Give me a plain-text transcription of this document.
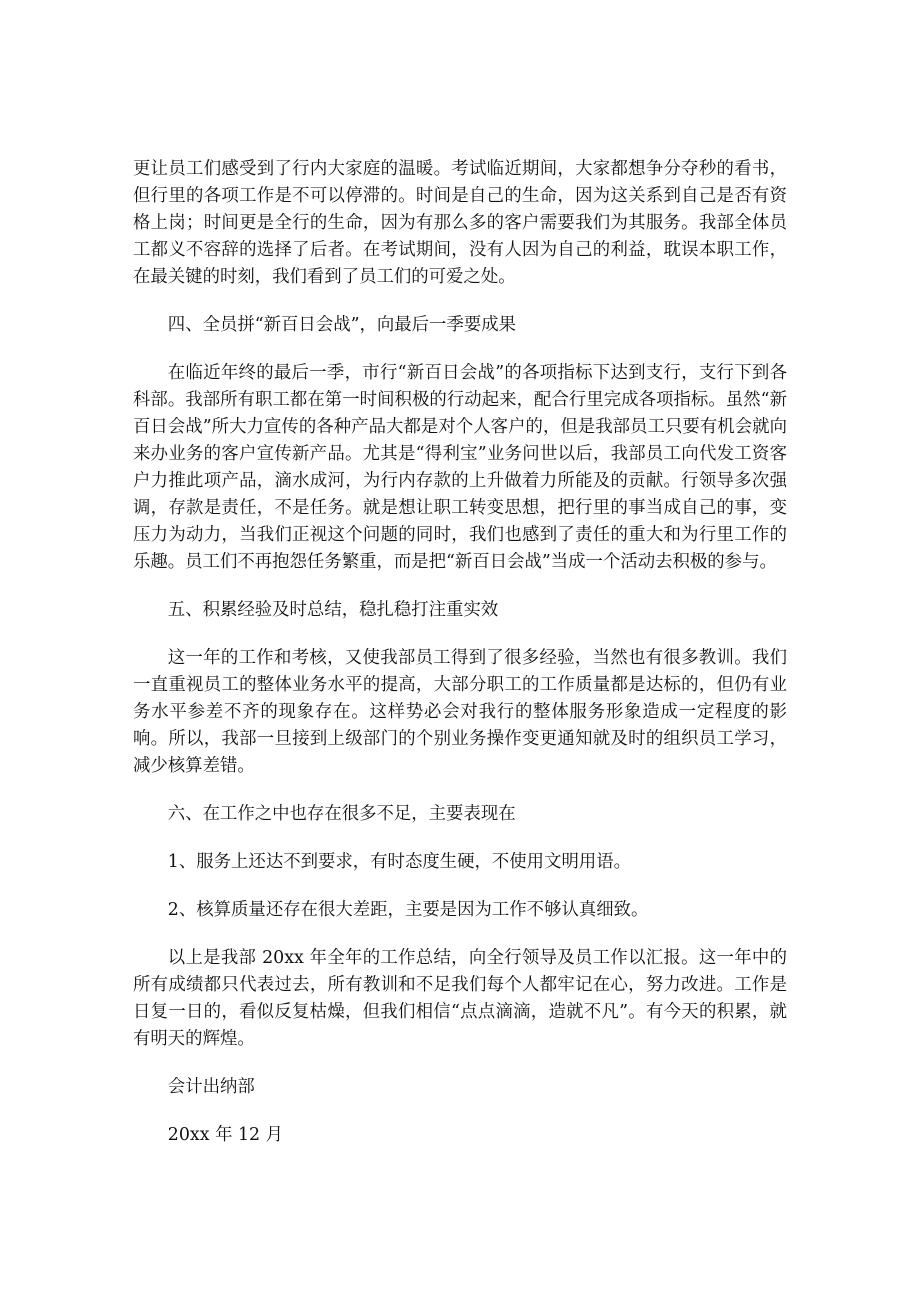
更让员工们感受到了行内大家庭的温暖。考试临近期间，大家都想争分夺秒的看书，但行里的各项工作是不可以停滞的。时间是自己的生命，因为这关系到自己是否有资格上岗；时间更是全行的生命，因为有那么多的客户需要我们为其服务。我部全体员工都义不容辞的选择了后者。在考试期间，没有人因为自己的利益，耽误本职工作，在最关键的时刻，我们看到了员工们的可爱之处。

四、全员拼“新百日会战”，向最后一季要成果

在临近年终的最后一季，市行“新百日会战”的各项指标下达到支行，支行下到各科部。我部所有职工都在第一时间积极的行动起来，配合行里完成各项指标。虽然“新百日会战”所大力宣传的各种产品大都是对个人客户的，但是我部员工只要有机会就向来办业务的客户宣传新产品。尤其是“得利宝”业务问世以后，我部员工向代发工资客户力推此项产品，滴水成河，为行内存款的上升做着力所能及的贡献。行领导多次强调，存款是责任，不是任务。就是想让职工转变思想，把行里的事当成自己的事，变压力为动力，当我们正视这个问题的同时，我们也感到了责任的重大和为行里工作的乐趣。员工们不再抱怨任务繁重，而是把“新百日会战”当成一个活动去积极的参与。

五、积累经验及时总结，稳扎稳打注重实效

这一年的工作和考核，又使我部员工得到了很多经验，当然也有很多教训。我们一直重视员工的整体业务水平的提高，大部分职工的工作质量都是达标的，但仍有业务水平参差不齐的现象存在。这样势必会对我行的整体服务形象造成一定程度的影响。所以，我部一旦接到上级部门的个别业务操作变更通知就及时的组织员工学习，减少核算差错。

六、在工作之中也存在很多不足，主要表现在

1、服务上还达不到要求，有时态度生硬，不使用文明用语。

2、核算质量还存在很大差距，主要是因为工作不够认真细致。

以上是我部 20xx 年全年的工作总结，向全行领导及员工作以汇报。这一年中的所有成绩都只代表过去，所有教训和不足我们每个人都牢记在心，努力改进。工作是日复一日的，看似反复枯燥，但我们相信“点点滴滴，造就不凡”。有今天的积累，就有明天的辉煌。

会计出纳部

20xx 年 12 月
